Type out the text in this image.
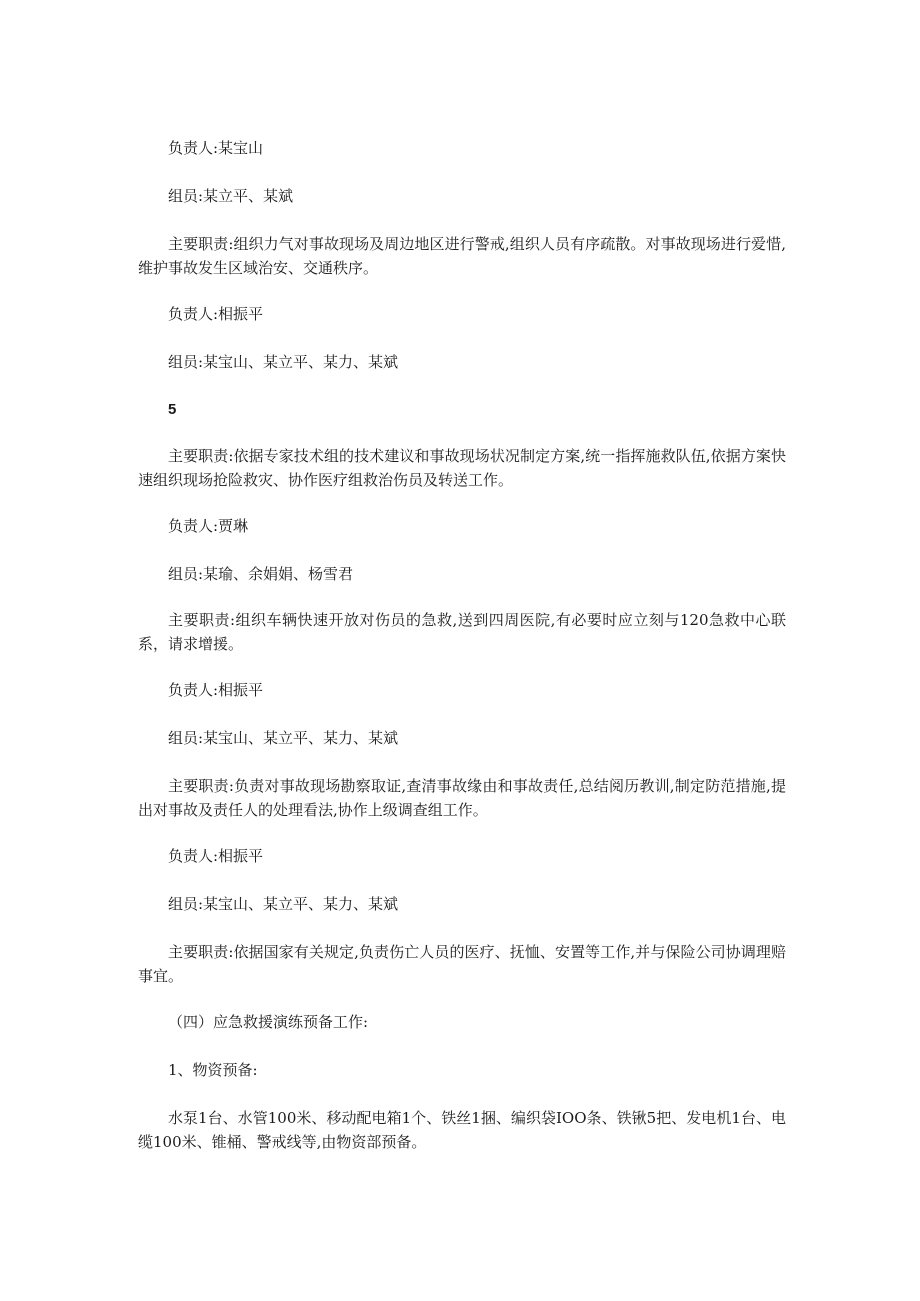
负责人:某宝山

组员:某立平、某斌

主要职责:组织力气对事故现场及周边地区进行警戒,组织人员有序疏散。对事故现场进行爱惜,维护事故发生区域治安、交通秩序。

负责人:相振平

组员:某宝山、某立平、某力、某斌

5

主要职责:依据专家技术组的技术建议和事故现场状况制定方案,统一指挥施救队伍,依据方案快速组织现场抢险救灾、协作医疗组救治伤员及转送工作。

负责人:贾琳

组员:某瑜、余娟娟、杨雪君

主要职责:组织车辆快速开放对伤员的急救,送到四周医院,有必要时应立刻与120急救中心联系，请求增援。

负责人:相振平

组员:某宝山、某立平、某力、某斌

主要职责:负责对事故现场勘察取证,查清事故缘由和事故责任,总结阅历教训,制定防范措施,提出对事故及责任人的处理看法,协作上级调查组工作。

负责人:相振平

组员:某宝山、某立平、某力、某斌

主要职责:依据国家有关规定,负责伤亡人员的医疗、抚恤、安置等工作,并与保险公司协调理赔事宜。

（四）应急救援演练预备工作:

1、物资预备:

水泵1台、水管100米、移动配电箱1个、铁丝1捆、编织袋IOO条、铁锹5把、发电机1台、电缆100米、锥桶、警戒线等,由物资部预备。
